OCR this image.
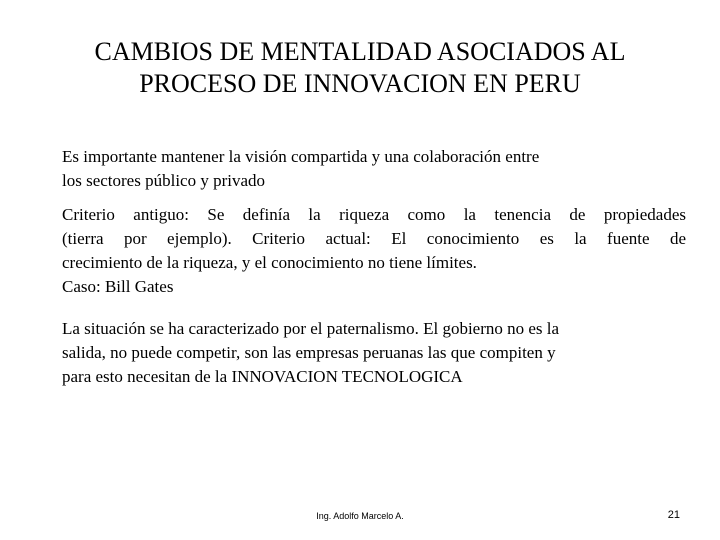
CAMBIOS DE MENTALIDAD ASOCIADOS AL
PROCESO DE INNOVACION EN PERU

Es importante mantener la visión compartida y una colaboración entre
los sectores público y privado

Criterio antiguo: Se definía la riqueza como la tenencia de propiedades
(tierra por ejemplo). Criterio actual: El conocimiento es la fuente de
crecimiento de la riqueza, y el conocimiento no tiene límites.
Caso: Bill Gates

La situación se ha caracterizado por el paternalismo. El gobierno no es la
salida, no puede competir, son las empresas peruanas las que compiten y
para esto necesitan de la INNOVACION TECNOLOGICA

Ing. Adolfo Marcelo A.	21
